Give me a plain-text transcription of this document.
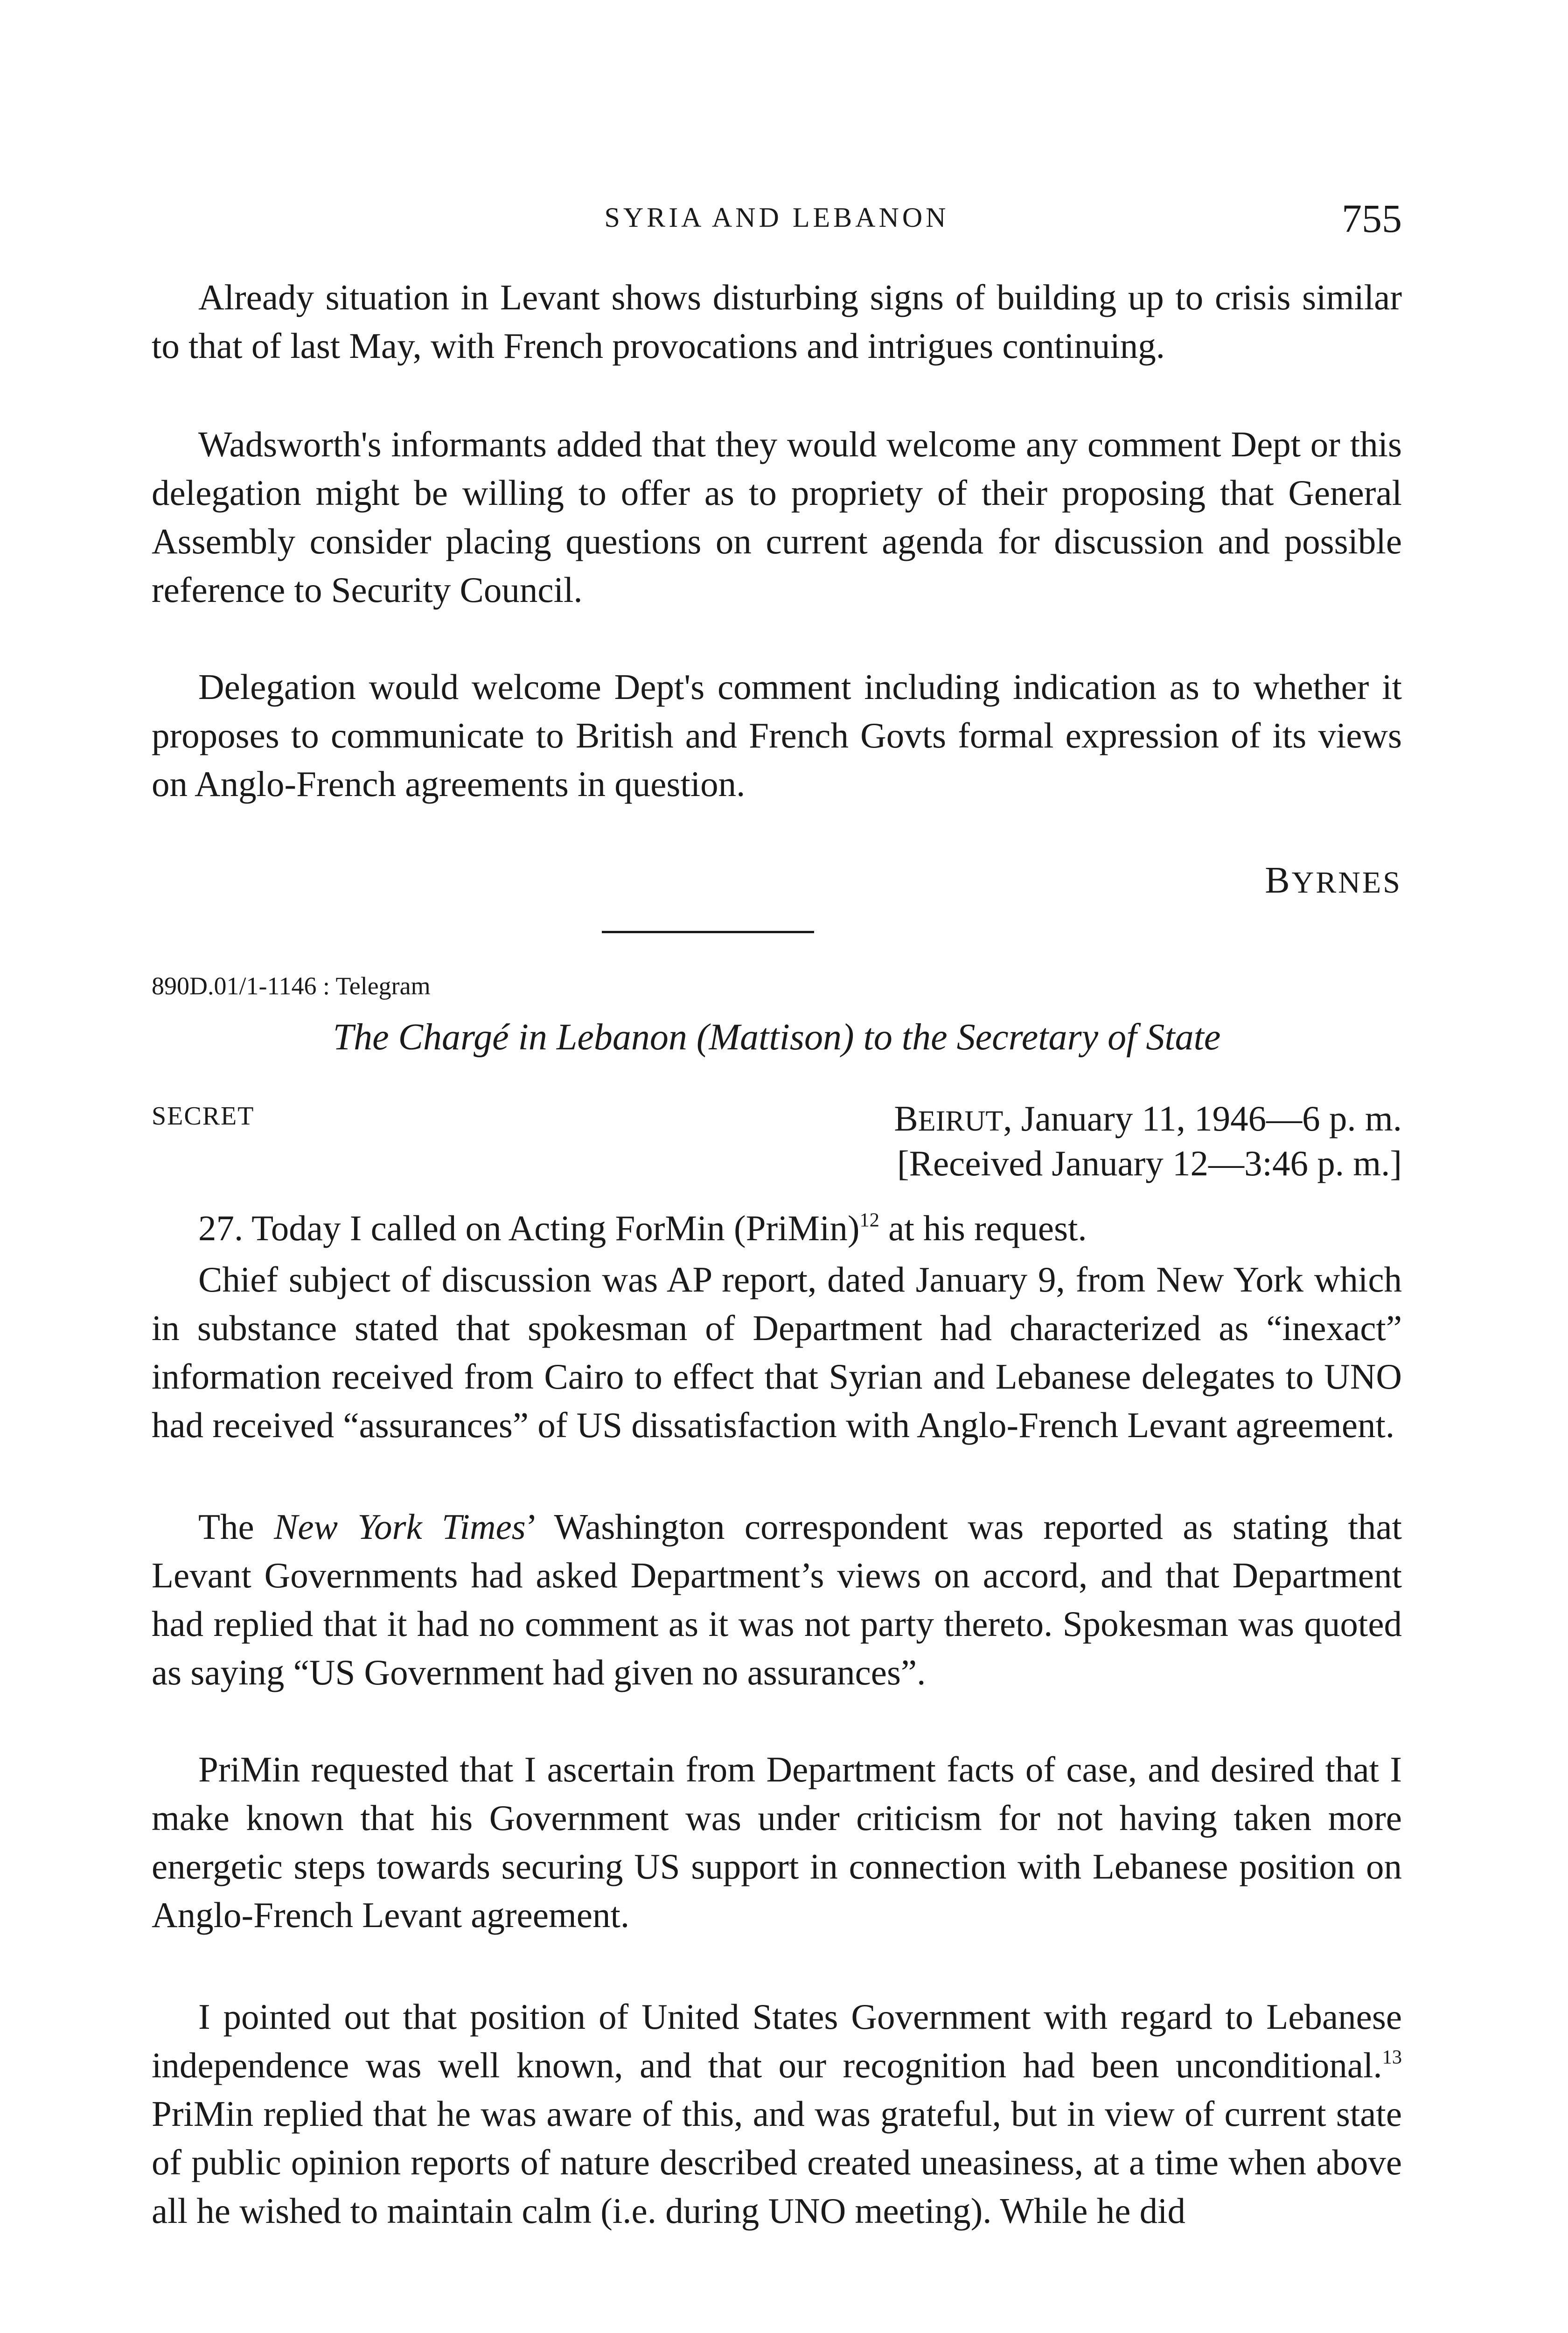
SYRIA AND LEBANON	755

Already situation in Levant shows disturbing signs of building up to crisis similar to that of last May, with French provocations and intrigues continuing.

Wadsworth's informants added that they would welcome any comment Dept or this delegation might be willing to offer as to propriety of their proposing that General Assembly consider placing questions on current agenda for discussion and possible reference to Security Council.

Delegation would welcome Dept's comment including indication as to whether it proposes to communicate to British and French Govts formal expression of its views on Anglo-French agreements in question.

BYRNES
890D.01/1-1146 : Telegram

The Chargé in Lebanon (Mattison) to the Secretary of State

SECRET	BEIRUT, January 11, 1946—6 p. m.
[Received January 12—3:46 p. m.]

27. Today I called on Acting ForMin (PriMin)$^{12}$ at his request.

Chief subject of discussion was AP report, dated January 9, from New York which in substance stated that spokesman of Department had characterized as “inexact” information received from Cairo to effect that Syrian and Lebanese delegates to UNO had received “assurances” of US dissatisfaction with Anglo-French Levant agreement.

The New York Times’ Washington correspondent was reported as stating that Levant Governments had asked Department’s views on accord, and that Department had replied that it had no comment as it was not party thereto. Spokesman was quoted as saying “US Government had given no assurances”.

PriMin requested that I ascertain from Department facts of case, and desired that I make known that his Government was under criticism for not having taken more energetic steps towards securing US support in connection with Lebanese position on Anglo-French Levant agreement.

I pointed out that position of United States Government with regard to Lebanese independence was well known, and that our recognition had been unconditional.$^{13}$ PriMin replied that he was aware of this, and was grateful, but in view of current state of public opinion reports of nature described created uneasiness, at a time when above all he wished to maintain calm (i.e. during UNO meeting). While he did
